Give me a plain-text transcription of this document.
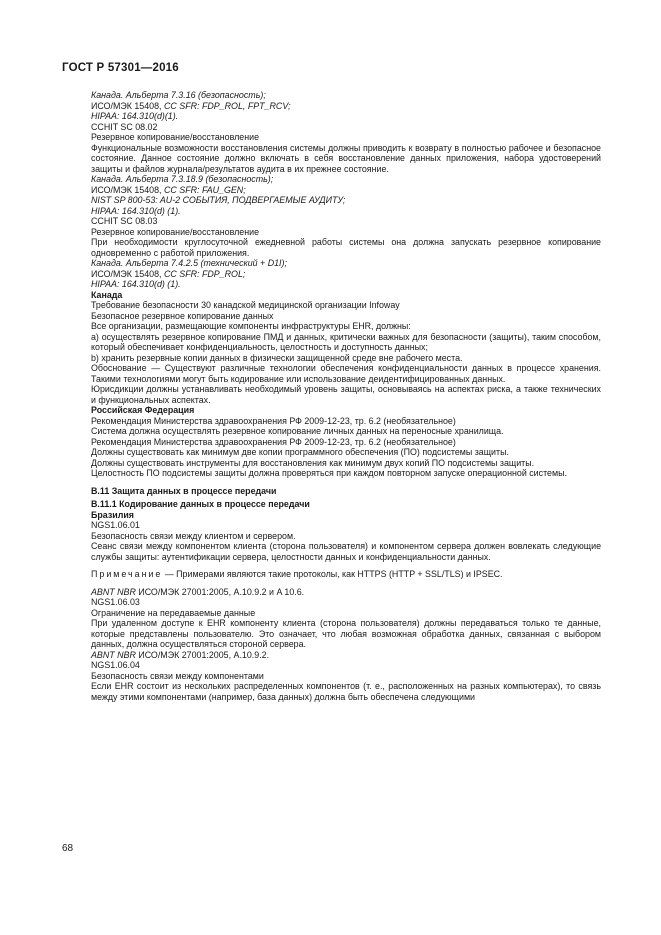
ГОСТ Р 57301—2016

Канада. Альберта 7.3.16 (безопасность);

ИСО/МЭК 15408, CC SFR: FDP_ROL, FPT_RCV;

HIPAA: 164.310(d)(1).

CCHIT SC 08.02

Резервное копирование/восстановление

Функциональные возможности восстановления системы должны приводить к возврату в полностью рабочее и безопасное состояние. Данное состояние должно включать в себя восстановление данных приложения, набора удостоверений защиты и файлов журнала/результатов аудита в их прежнее состояние.

Канада. Альберта 7.3.18.9 (безопасность);

ИСО/МЭК 15408, CC SFR: FAU_GEN;

NIST SP 800-53: AU-2 СОБЫТИЯ, ПОДВЕРГАЕМЫЕ АУДИТУ;

HIPAA: 164.310(d) (1).

CCHIT SC 08.03

Резервное копирование/восстановление

При необходимости круглосуточной ежедневной работы системы она должна запускать резервное копирование одновременно с работой приложения.

Канада. Альберта 7.4.2.5 (технический + D1I);

ИСО/МЭК 15408, CC SFR: FDP_ROL;

HIPAA: 164.310(d) (1).

Канада

Требование безопасности 30 канадской медицинской организации Infoway

Безопасное резервное копирование данных

Все организации, размещающие компоненты инфраструктуры EHR, должны:

а) осуществлять резервное копирование ПМД и данных, критически важных для безопасности (защиты), таким способом, который обеспечивает конфиденциальность, целостность и доступность данных;

b) хранить резервные копии данных в физически защищенной среде вне рабочего места.

Обоснование — Существуют различные технологии обеспечения конфиденциальности данных в процессе хранения. Такими технологиями могут быть кодирование или использование деидентифицированных данных.

Юрисдикции должны устанавливать необходимый уровень защиты, основываясь на аспектах риска, а также технических и функциональных аспектах.

Российская Федерация

Рекомендация Министерства здравоохранения РФ 2009-12-23, тр. 6.2 (необязательное)

Система должна осуществлять резервное копирование личных данных на переносные хранилища.

Рекомендация Министерства здравоохранения РФ 2009-12-23, тр. 6.2 (необязательное)

Должны существовать как минимум две копии программного обеспечения (ПО) подсистемы защиты.

Должны существовать инструменты для восстановления как минимум двух копий ПО подсистемы защиты.

Целостность ПО подсистемы защиты должна проверяться при каждом повторном запуске операционной системы.

B.11 Защита данных в процессе передачи

B.11.1 Кодирование данных в процессе передачи

Бразилия

NGS1.06.01

Безопасность связи между клиентом и сервером.

Сеанс связи между компонентом клиента (сторона пользователя) и компонентом сервера должен вовлекать следующие службы защиты: аутентификации сервера, целостности данных и конфиденциальности данных.

Примечание — Примерами являются такие протоколы, как HTTPS (HTTP + SSL/TLS) и IPSEC.

ABNT NBR ИСО/МЭК 27001:2005, A.10.9.2 и A 10.6.

NGS1.06.03

Ограничение на передаваемые данные

При удаленном доступе к EHR компоненту клиента (сторона пользователя) должны передаваться только те данные, которые представлены пользователю. Это означает, что любая возможная обработка данных, связанная с выбором данных, должна осуществляться стороной сервера.

ABNT NBR ИСО/МЭК 27001:2005, A.10.9.2.

NGS1.06.04

Безопасность связи между компонентами

Если EHR состоит из нескольких распределенных компонентов (т. е., расположенных на разных компьютерах), то связь между этими компонентами (например, база данных) должна быть обеспечена следующими

68
